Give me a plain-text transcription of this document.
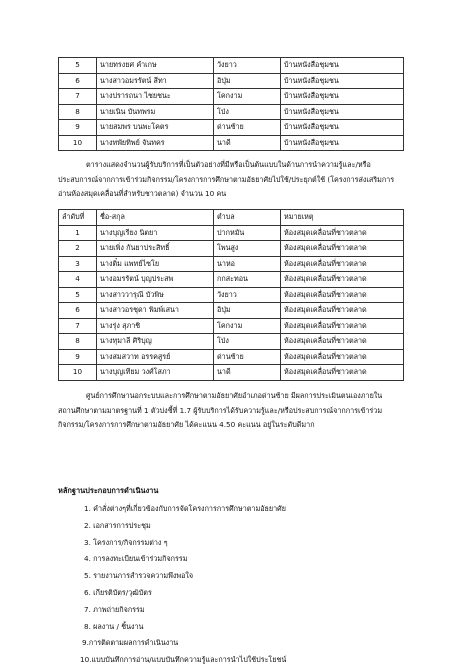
5	นายทรงยศ คำเกษ	วังยาว	บ้านหนังสือชุมชน
6	นางสาวอมรรัตน์ สีทา	อิปุ่ม	บ้านหนังสือชุมชน
7	นางปรารถนา ไชยชนะ	โคกงาม	บ้านหนังสือชุมชน
8	นายเนิน บันทพรม	โป่ง	บ้านหนังสือชุมชน
9	นายสมพร บนพะโคตร	ด่านซ้าย	บ้านหนังสือชุมชน
10	นางทพัยทิพย์ จันทคร	นาดี	บ้านหนังสือชุมชน

ตารางแสดงจำนวนผู้รับบริการที่เป็นตัวอย่างที่มีหรือเป็นต้นแบบในด้านการนำความรู้และ/หรือ

ประสบการณ์จากการเข้าร่วมกิจกรรม/โครงการการศึกษาตามอัธยาศัยไปใช้/ประยุกต์ใช้ (โครงการส่งเสริมการ

อ่านห้องสมุดเคลื่อนที่สำหรับชาวตลาด) จำนวน 10 คน

ลำดับที่	ชื่อ-สกุล	ตำบล	หมายเหตุ
1	นางบุญเรียง นิตยา	ปากหมัน	ห้องสมุดเคลื่อนที่ชาวตลาด
2	นายเพิ่ง กันยาประสิทธิ์	โพนสูง	ห้องสมุดเคลื่อนที่ชาวตลาด
3	นางติ๋ม แพทย์ไซโย	นาหอ	ห้องสมุดเคลื่อนที่ชาวตลาด
4	นางอมรรัตน์ บุญประสพ	กกสะทอน	ห้องสมุดเคลื่อนที่ชาวตลาด
5	นางสาววารุณี บัวพิษ	วังยาว	ห้องสมุดเคลื่อนที่ชาวตลาด
6	นางสาวอรชุดา พิมพ์เสนา	อิปุ่ม	ห้องสมุดเคลื่อนที่ชาวตลาด
7	นางรุ่ง สุภาชิ	โคกงาม	ห้องสมุดเคลื่อนที่ชาวตลาด
8	นางทุมาลี ศิริบุญ	โป่ง	ห้องสมุดเคลื่อนที่ชาวตลาด
9	นางสมสวาท อรรคสูรย์	ด่านซ้าย	ห้องสมุดเคลื่อนที่ชาวตลาด
10	นางบุญเทียม วงศ์โสภา	นาดี	ห้องสมุดเคลื่อนที่ชาวตลาด

ศูนย์การศึกษานอกระบบและการศึกษาตามอัธยาศัยอำเภอด่านซ้าย มีผลการประเมินตนเองภายใน

สถานศึกษาตามมาตรฐานที่ 1 ตัวบ่งชี้ที่ 1.7 ผู้รับบริการได้รับความรู้และ/หรือประสบการณ์จากการเข้าร่วม

กิจกรรม/โครงการการศึกษาตามอัธยาศัย ได้คะแนน 4.50 คะแนน อยู่ในระดับดีมาก

หลักฐานประกอบการดำเนินงาน
1. คำสั่งต่างๆที่เกี่ยวข้องกับการจัดโครงการการศึกษาตามอัธยาศัย
2. เอกสารการประชุม
3. โครงการ/กิจกรรมต่าง ๆ
4. การลงทะเบียนเข้าร่วมกิจกรรม
5. รายงานการสำรวจความพึงพอใจ
6. เกียรติบัตร/วุฒิบัตร
7. ภาพถ่ายกิจกรรม
8. ผลงาน / ชิ้นงาน
9.การติดตามผลการดำเนินงาน
10.แบบบันทึกการอ่าน/แบบบันทึกความรู้และการนำไปใช้ประโยชน์
